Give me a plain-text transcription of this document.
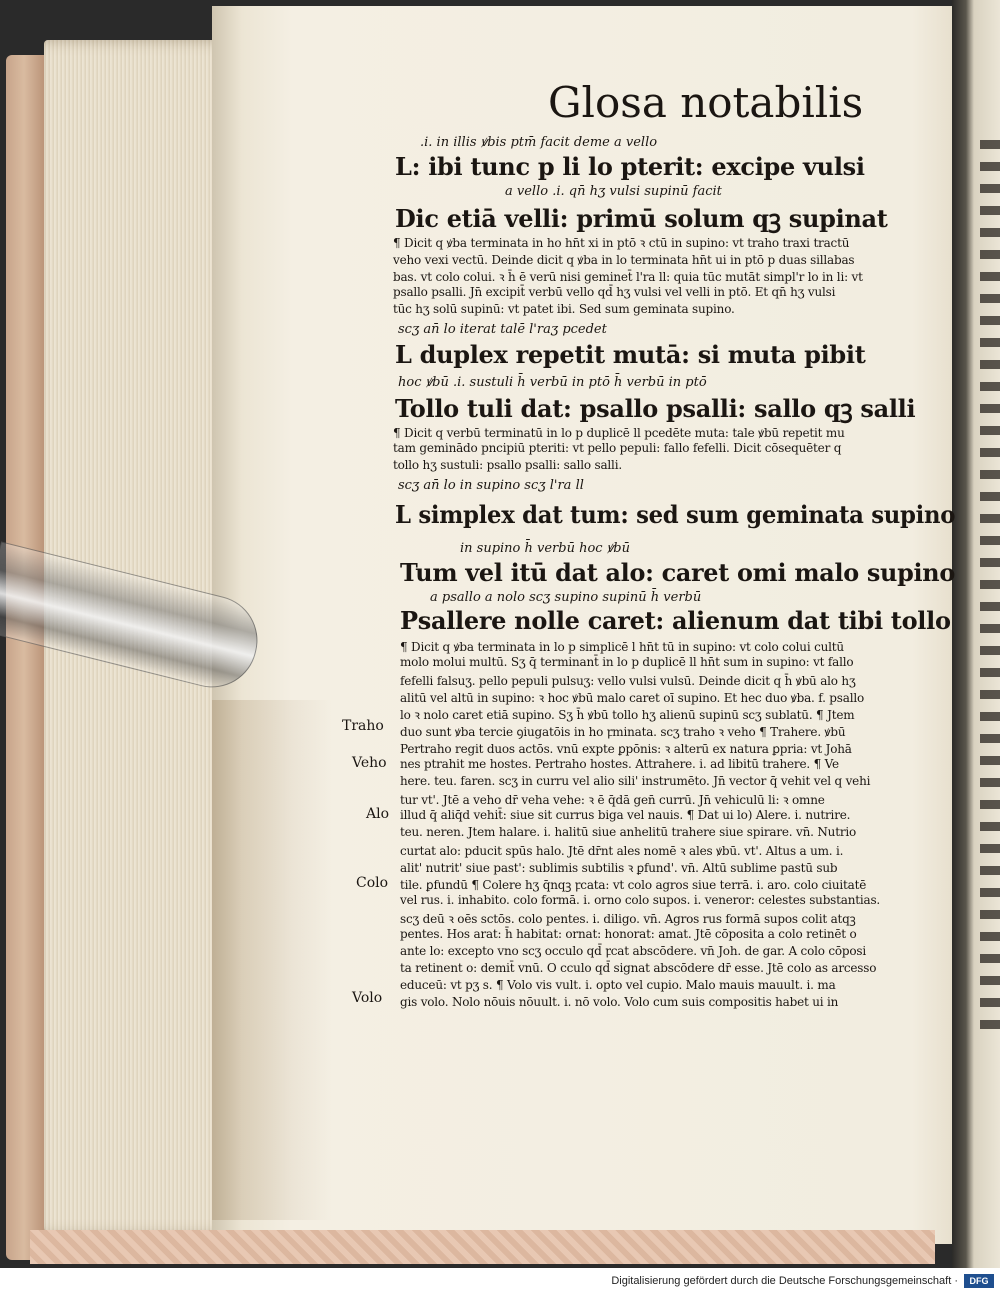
Glosa notabilis
.i. in illis ꝟbis ptm̄ facit deme a vello
L: ibi tunc p li lo pterit: excipe vulsi
a vello .i. qn̄ hʒ vulsi supinū facit
Dic etiā velli: primū solum qꝫ supinat
¶ Dicit q ꝟba terminata in ho hn̄t xi in ptō ꝛ ctū in supino: vt traho traxi tractū
veho vexi vectū. Deinde dicit q ꝟba in lo terminata hn̄t ui in ptō p duas sillabas
bas. vt colo colui. ꝛ h̄ ē verū nisi geminet̄ l'ra ll: quia tūc mutāt simpl'r lo in li: vt
psallo psalli. Jn̄ excipit̄ verbū vello qd̄ hʒ vulsi vel velli in ptō. Et qn̄ hʒ vulsi
tūc hʒ solū supinū: vt patet ibi. Sed sum geminata supino.
scʒ an̄ lo iterat talē l'raʒ pcedet
L duplex repetit mutā: si muta pibit
hoc ꝟbū .i. sustuli h̄ verbū in ptō h̄ verbū in ptō
Tollo tuli dat: psallo psalli: sallo qꝫ salli
¶ Dicit q verbū terminatū in lo p duplicē ll pcedēte muta: tale ꝟbū repetit mu
tam geminādo pncipiū pteriti: vt pello pepuli: fallo fefelli. Dicit cōsequēter q
tollo hʒ sustuli: psallo psalli: sallo salli.
scʒ an̄ lo in supino scʒ l'ra ll
L simplex dat tum: sed sum geminata supino
in supino h̄ verbū hoc ꝟbū
Tum vel itū dat alo: caret omi malo supino
a psallo a nolo scʒ supino supinū h̄ verbū
Psallere nolle caret: alienum dat tibi tollo
¶ Dicit q ꝟba terminata in lo p simplicē l hn̄t tū in supino: vt colo colui cultū
molo molui multū. Sʒ q̄ terminant̄ in lo p duplicē ll hn̄t sum in supino: vt fallo
fefelli falsuʒ. pello pepuli pulsuʒ: vello vulsi vulsū. Deinde dicit q h̄ ꝟbū alo hʒ
alitū vel altū in supino: ꝛ hoc ꝟbū malo caret oī supino. Et hec duo ꝟba. f. psallo
lo ꝛ nolo caret etiā supino. Sʒ h̄ ꝟbū tollo hʒ alienū supinū scʒ sublatū. ¶ Jtem
duo sunt ꝟba tercie ꝯiugatōis in ho ꝼminata. scʒ traho ꝛ veho ¶ Trahere. ꝟbū
Pertraho regit duos actōs. vnū expte ꝑpōnis: ꝛ alterū ex natura ꝑpria: vt Johā
nes ptrahit me hostes. Pertraho hostes. Attrahere. i. ad libitū trahere. ¶ Ve
here. teu. faren. scʒ in curru vel alio sili' instrumēto. Jn̄ vector q̄ vehit vel q vehi
tur vt'. Jtē a veho dr̄ veha vehe: ꝛ ē q̄dā gen̄ currū. Jn̄ vehiculū li: ꝛ omne
illud q̄ aliq̄d vehit̄: siue sit currus biga vel nauis. ¶ Dat ui lo) Alere. i. nutrire.
teu. neren. Jtem halare. i. halitū siue anhelitū trahere siue spirare. vn̄. Nutrio
curtat alo: pducit spūs halo. Jtē dr̄nt ales nomē ꝛ ales ꝟbū. vt'. Altus a um. i.
alit' nutrit' siue past': sublimis subtilis ꝛ ꝑfund'. vn̄. Altū sublime pastū sub
tile. ꝑfundū ¶ Colere hʒ q̄nqꝫ ꝼcata: vt colo agros siue terrā. i. aro. colo ciuitatē
vel rus. i. inhabito. colo formā. i. orno colo supos. i. veneror: celestes substantias.
scʒ deū ꝛ oēs sctōs. colo pentes. i. diligo. vn̄. Agros rus formā supos colit atqꝫ
pentes. Hos arat: h̄ habitat: ornat: honorat: amat. Jtē cōposita a colo retinēt o
ante lo: excepto vno scʒ occulo qd̄ ꝼcat abscōdere. vn̄ Joh. de gar. A colo cōposi
ta retinent o: demit̄ vnū. O cculo qd̄ signat abscōdere dr̄ esse. Jtē colo as arcesso
educeū: vt pʒ s. ¶ Volo vis vult. i. opto vel cupio. Malo mauis mauult. i. ma
gis volo. Nolo nōuis nōuult. i. nō volo. Volo cum suis compositis habet ui in
Traho
Veho
Alo
Colo
Volo
Digitalisierung gefördert durch die Deutsche Forschungsgemeinschaft ·	DFG
